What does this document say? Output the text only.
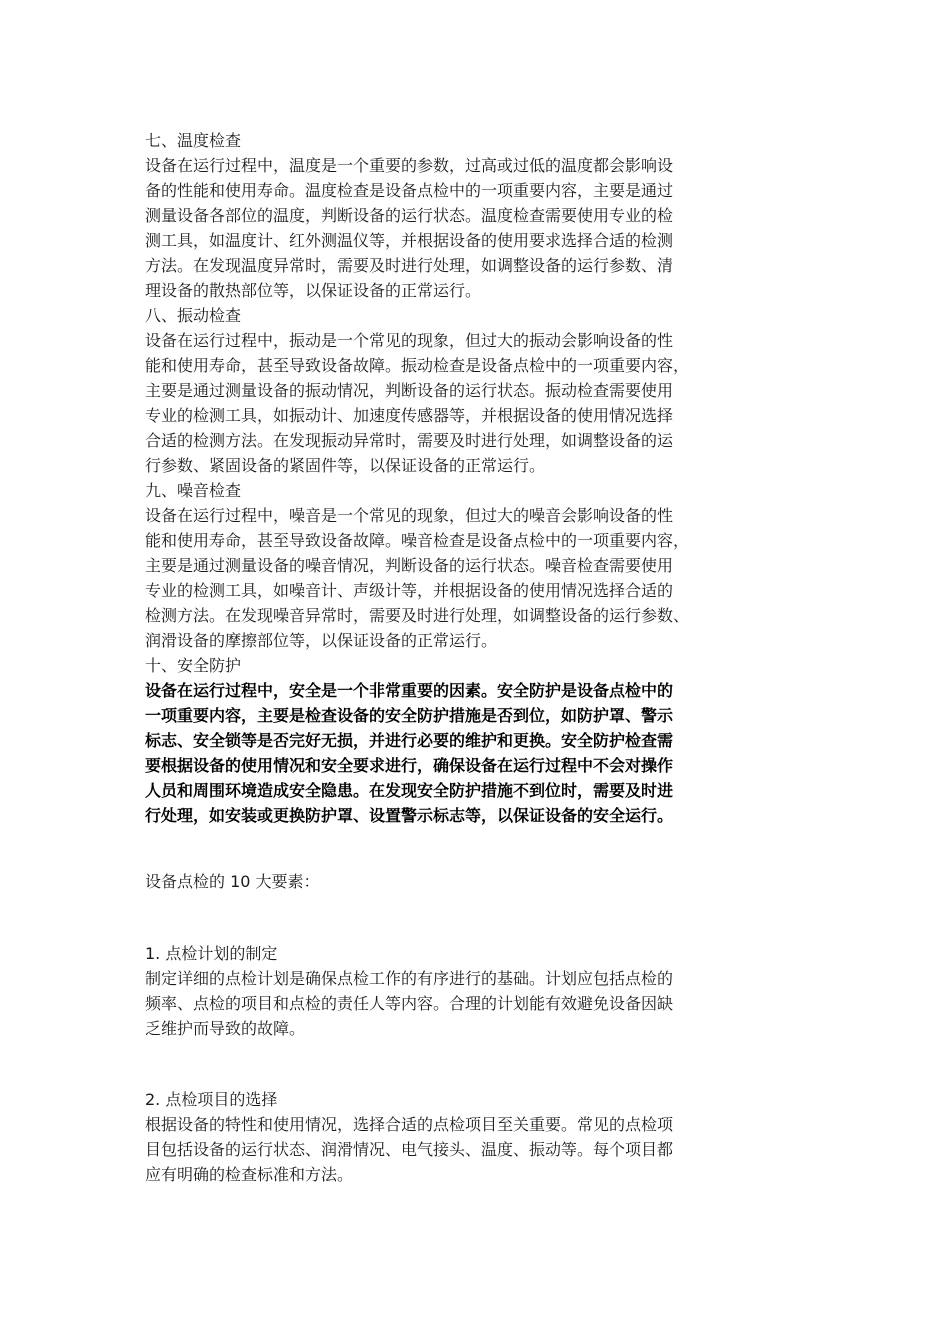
七、温度检查

设备在运行过程中，温度是一个重要的参数，过高或过低的温度都会影响设

备的性能和使用寿命。温度检查是设备点检中的一项重要内容，主要是通过

测量设备各部位的温度，判断设备的运行状态。温度检查需要使用专业的检

测工具，如温度计、红外测温仪等，并根据设备的使用要求选择合适的检测

方法。在发现温度异常时，需要及时进行处理，如调整设备的运行参数、清

理设备的散热部位等，以保证设备的正常运行。

八、振动检查

设备在运行过程中，振动是一个常见的现象，但过大的振动会影响设备的性

能和使用寿命，甚至导致设备故障。振动检查是设备点检中的一项重要内容，

主要是通过测量设备的振动情况，判断设备的运行状态。振动检查需要使用

专业的检测工具，如振动计、加速度传感器等，并根据设备的使用情况选择

合适的检测方法。在发现振动异常时，需要及时进行处理，如调整设备的运

行参数、紧固设备的紧固件等，以保证设备的正常运行。

九、噪音检查

设备在运行过程中，噪音是一个常见的现象，但过大的噪音会影响设备的性

能和使用寿命，甚至导致设备故障。噪音检查是设备点检中的一项重要内容，

主要是通过测量设备的噪音情况，判断设备的运行状态。噪音检查需要使用

专业的检测工具，如噪音计、声级计等，并根据设备的使用情况选择合适的

检测方法。在发现噪音异常时，需要及时进行处理，如调整设备的运行参数、

润滑设备的摩擦部位等，以保证设备的正常运行。

十、安全防护

设备在运行过程中，安全是一个非常重要的因素。安全防护是设备点检中的

一项重要内容，主要是检查设备的安全防护措施是否到位，如防护罩、警示

标志、安全锁等是否完好无损，并进行必要的维护和更换。安全防护检查需

要根据设备的使用情况和安全要求进行，确保设备在运行过程中不会对操作

人员和周围环境造成安全隐患。在发现安全防护措施不到位时，需要及时进

行处理，如安装或更换防护罩、设置警示标志等，以保证设备的安全运行。

设备点检的 10 大要素：

1. 点检计划的制定

制定详细的点检计划是确保点检工作的有序进行的基础。计划应包括点检的

频率、点检的项目和点检的责任人等内容。合理的计划能有效避免设备因缺

乏维护而导致的故障。

2. 点检项目的选择

根据设备的特性和使用情况，选择合适的点检项目至关重要。常见的点检项

目包括设备的运行状态、润滑情况、电气接头、温度、振动等。每个项目都

应有明确的检查标准和方法。
